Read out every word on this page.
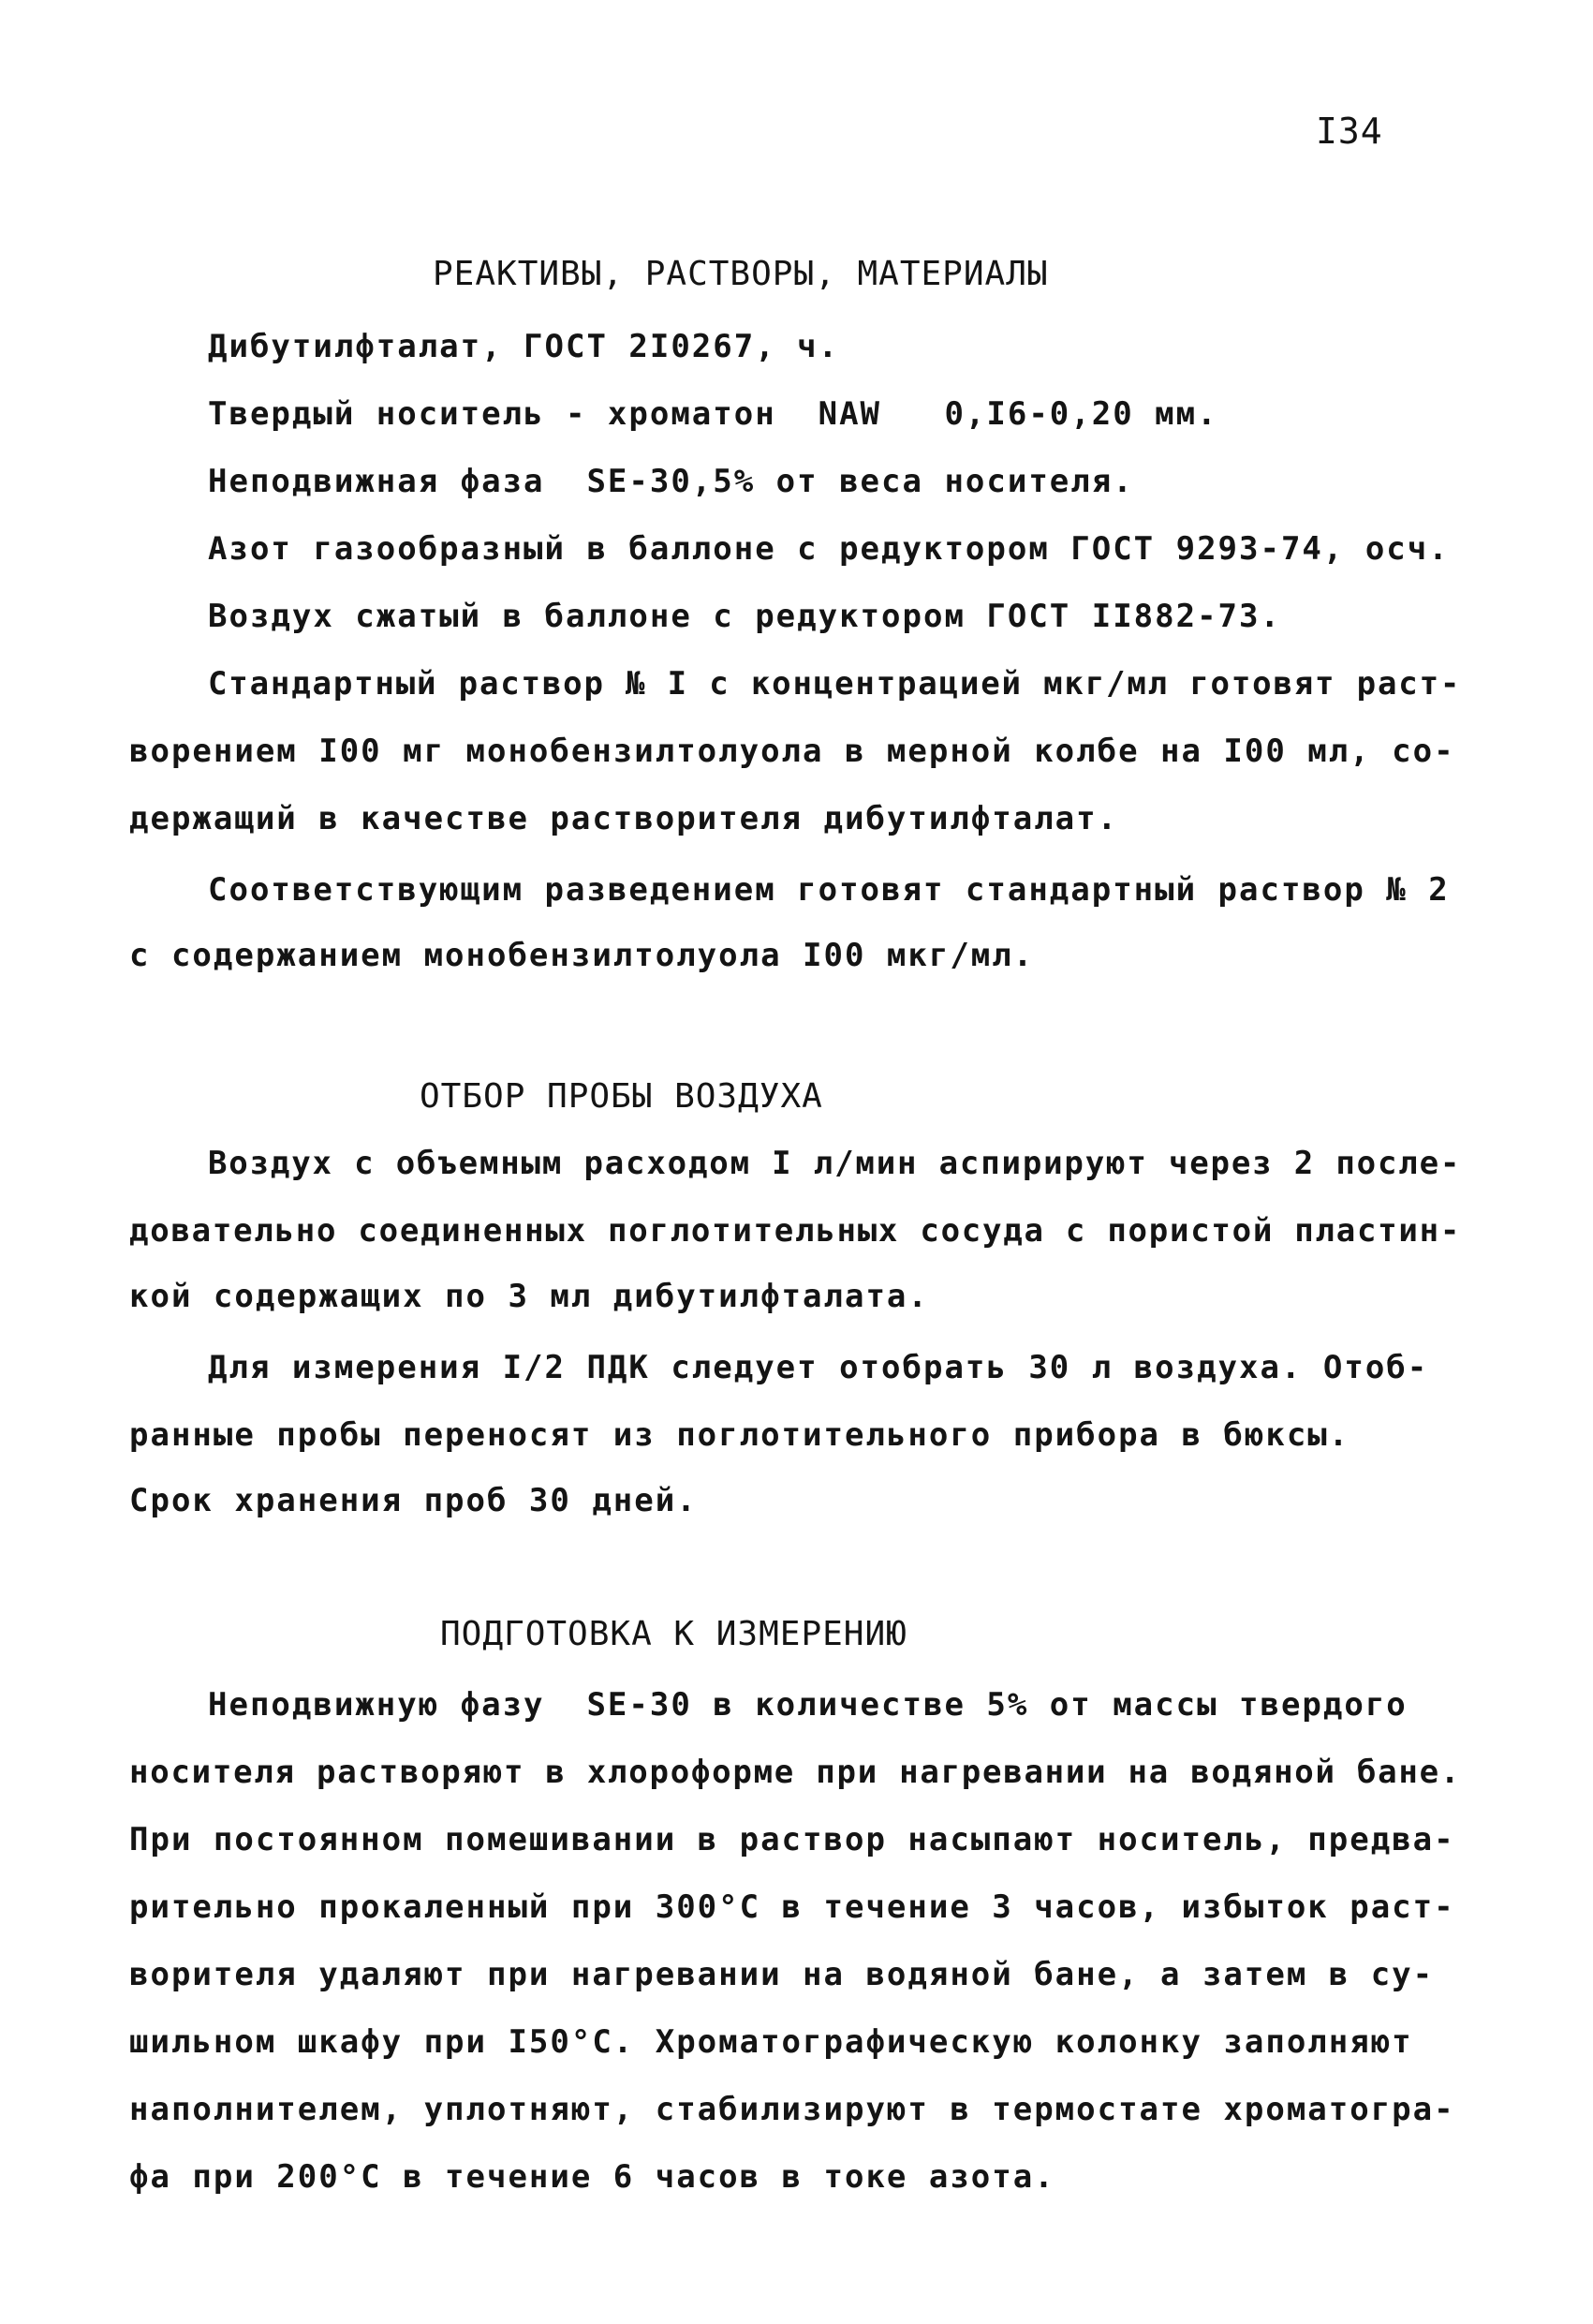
I34
РЕАКТИВЫ, РАСТВОРЫ, МАТЕРИАЛЫ
Дибутилфталат, ГОСТ 2I0267, ч.
Твердый носитель - хроматон  NAW   0,I6-0,20 мм.
Неподвижная фаза  SE-30,5% от веса носителя.
Азот газообразный в баллоне с редуктором ГОСТ 9293-74, осч.
Воздух сжатый в баллоне с редуктором ГОСТ II882-73.
Стандартный раствор № I с концентрацией мкг/мл готовят раст-
ворением I00 мг монобензилтолуола в мерной колбе на I00 мл, со-
держащий в качестве растворителя дибутилфталат.
Соответствующим разведением готовят стандартный раствор № 2
с содержанием монобензилтолуола I00 мкг/мл.
ОТБОР ПРОБЫ ВОЗДУХА
Воздух с объемным расходом I л/мин аспирируют через 2 после-
довательно соединенных поглотительных сосуда с пористой пластин-
кой содержащих по 3 мл дибутилфталата.
Для измерения I/2 ПДК следует отобрать 30 л воздуха. Отоб-
ранные пробы переносят из поглотительного прибора в бюксы.
Срок хранения проб 30 дней.
ПОДГОТОВКА К ИЗМЕРЕНИЮ
Неподвижную фазу  SE-30 в количестве 5% от массы твердого
носителя растворяют в хлороформе при нагревании на водяной бане.
При постоянном помешивании в раствор насыпают носитель, предва-
рительно прокаленный при 300°С в течение 3 часов, избыток раст-
ворителя удаляют при нагревании на водяной бане, а затем в су-
шильном шкафу при I50°С. Хроматографическую колонку заполняют
наполнителем, уплотняют, стабилизируют в термостате хроматогра-
фа при 200°С в течение 6 часов в токе азота.
